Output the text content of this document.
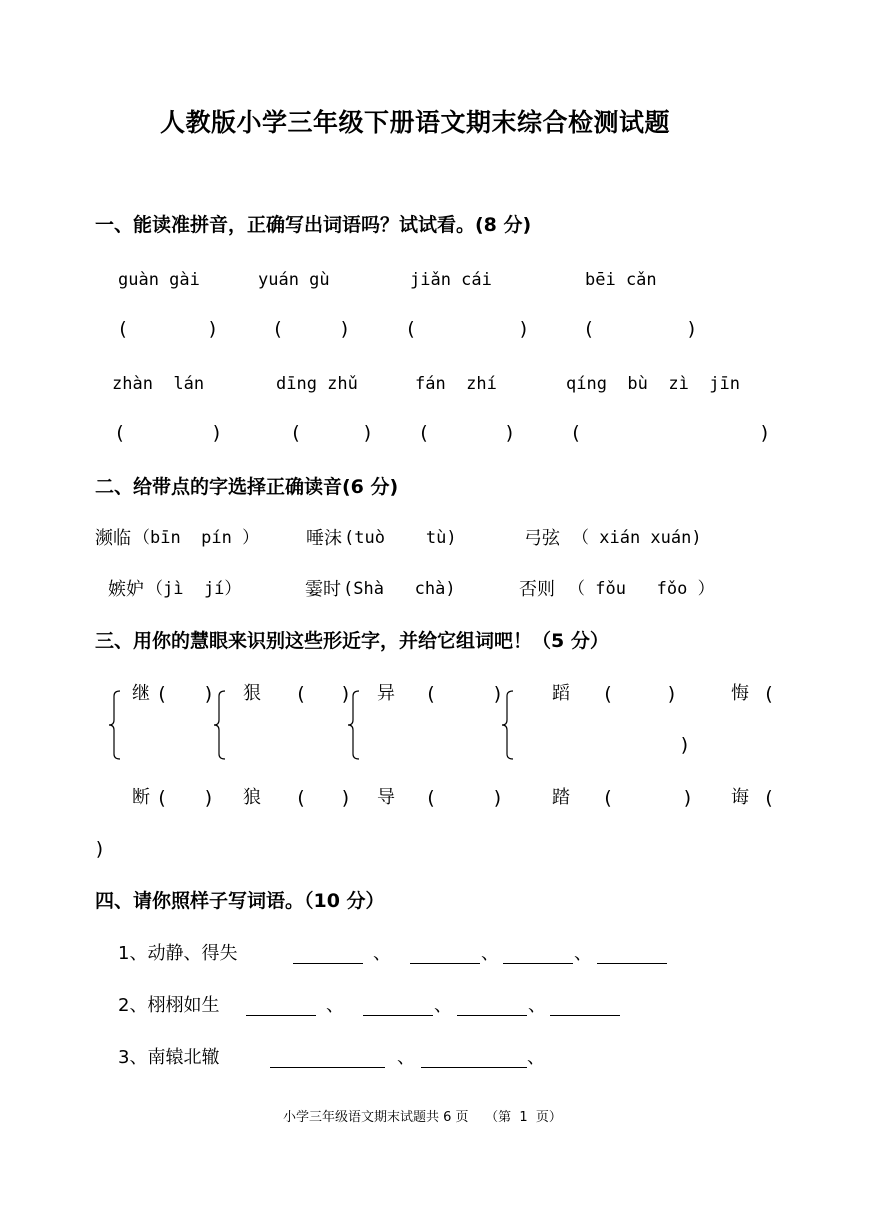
人教版小学三年级下册语文期末综合检测试题
一、能读准拼音，正确写出词语吗？试试看。(8 分)
guàn gài	yuán gù	jiǎn cái	bēi cǎn
(	)	(	)	(	)	(	)
zhàn  lán	dīng zhǔ	fán  zhí	qíng  bù  zì  jīn
(	)	(	) (	)	(	)
二、给带点的字选择正确读音(6 分)
濒临 （bīn  pín ）	唾沫 (tuò    tù)	弓弦 （ xián xuán)
嫉妒 （jì  jí）	霎时 (Shà   chà)	否则 （ fǒu   fǒo ）
三、用你的慧眼来识别这些形近字，并给它组词吧！（5 分）
继 ( ) 狠 ( ) 异 (	)	蹈 (	)	悔 (
)
断 ( ) 狼 ( ) 导 (	)	踏 (	) 诲 (
)
四、请你照样子写词语。（10 分）
1、动静、得失	、	、	、
2、栩栩如生	、	、	、
3、南辕北辙	、	、
小学三年级语文期末试题共 6 页    （第  1  页）
